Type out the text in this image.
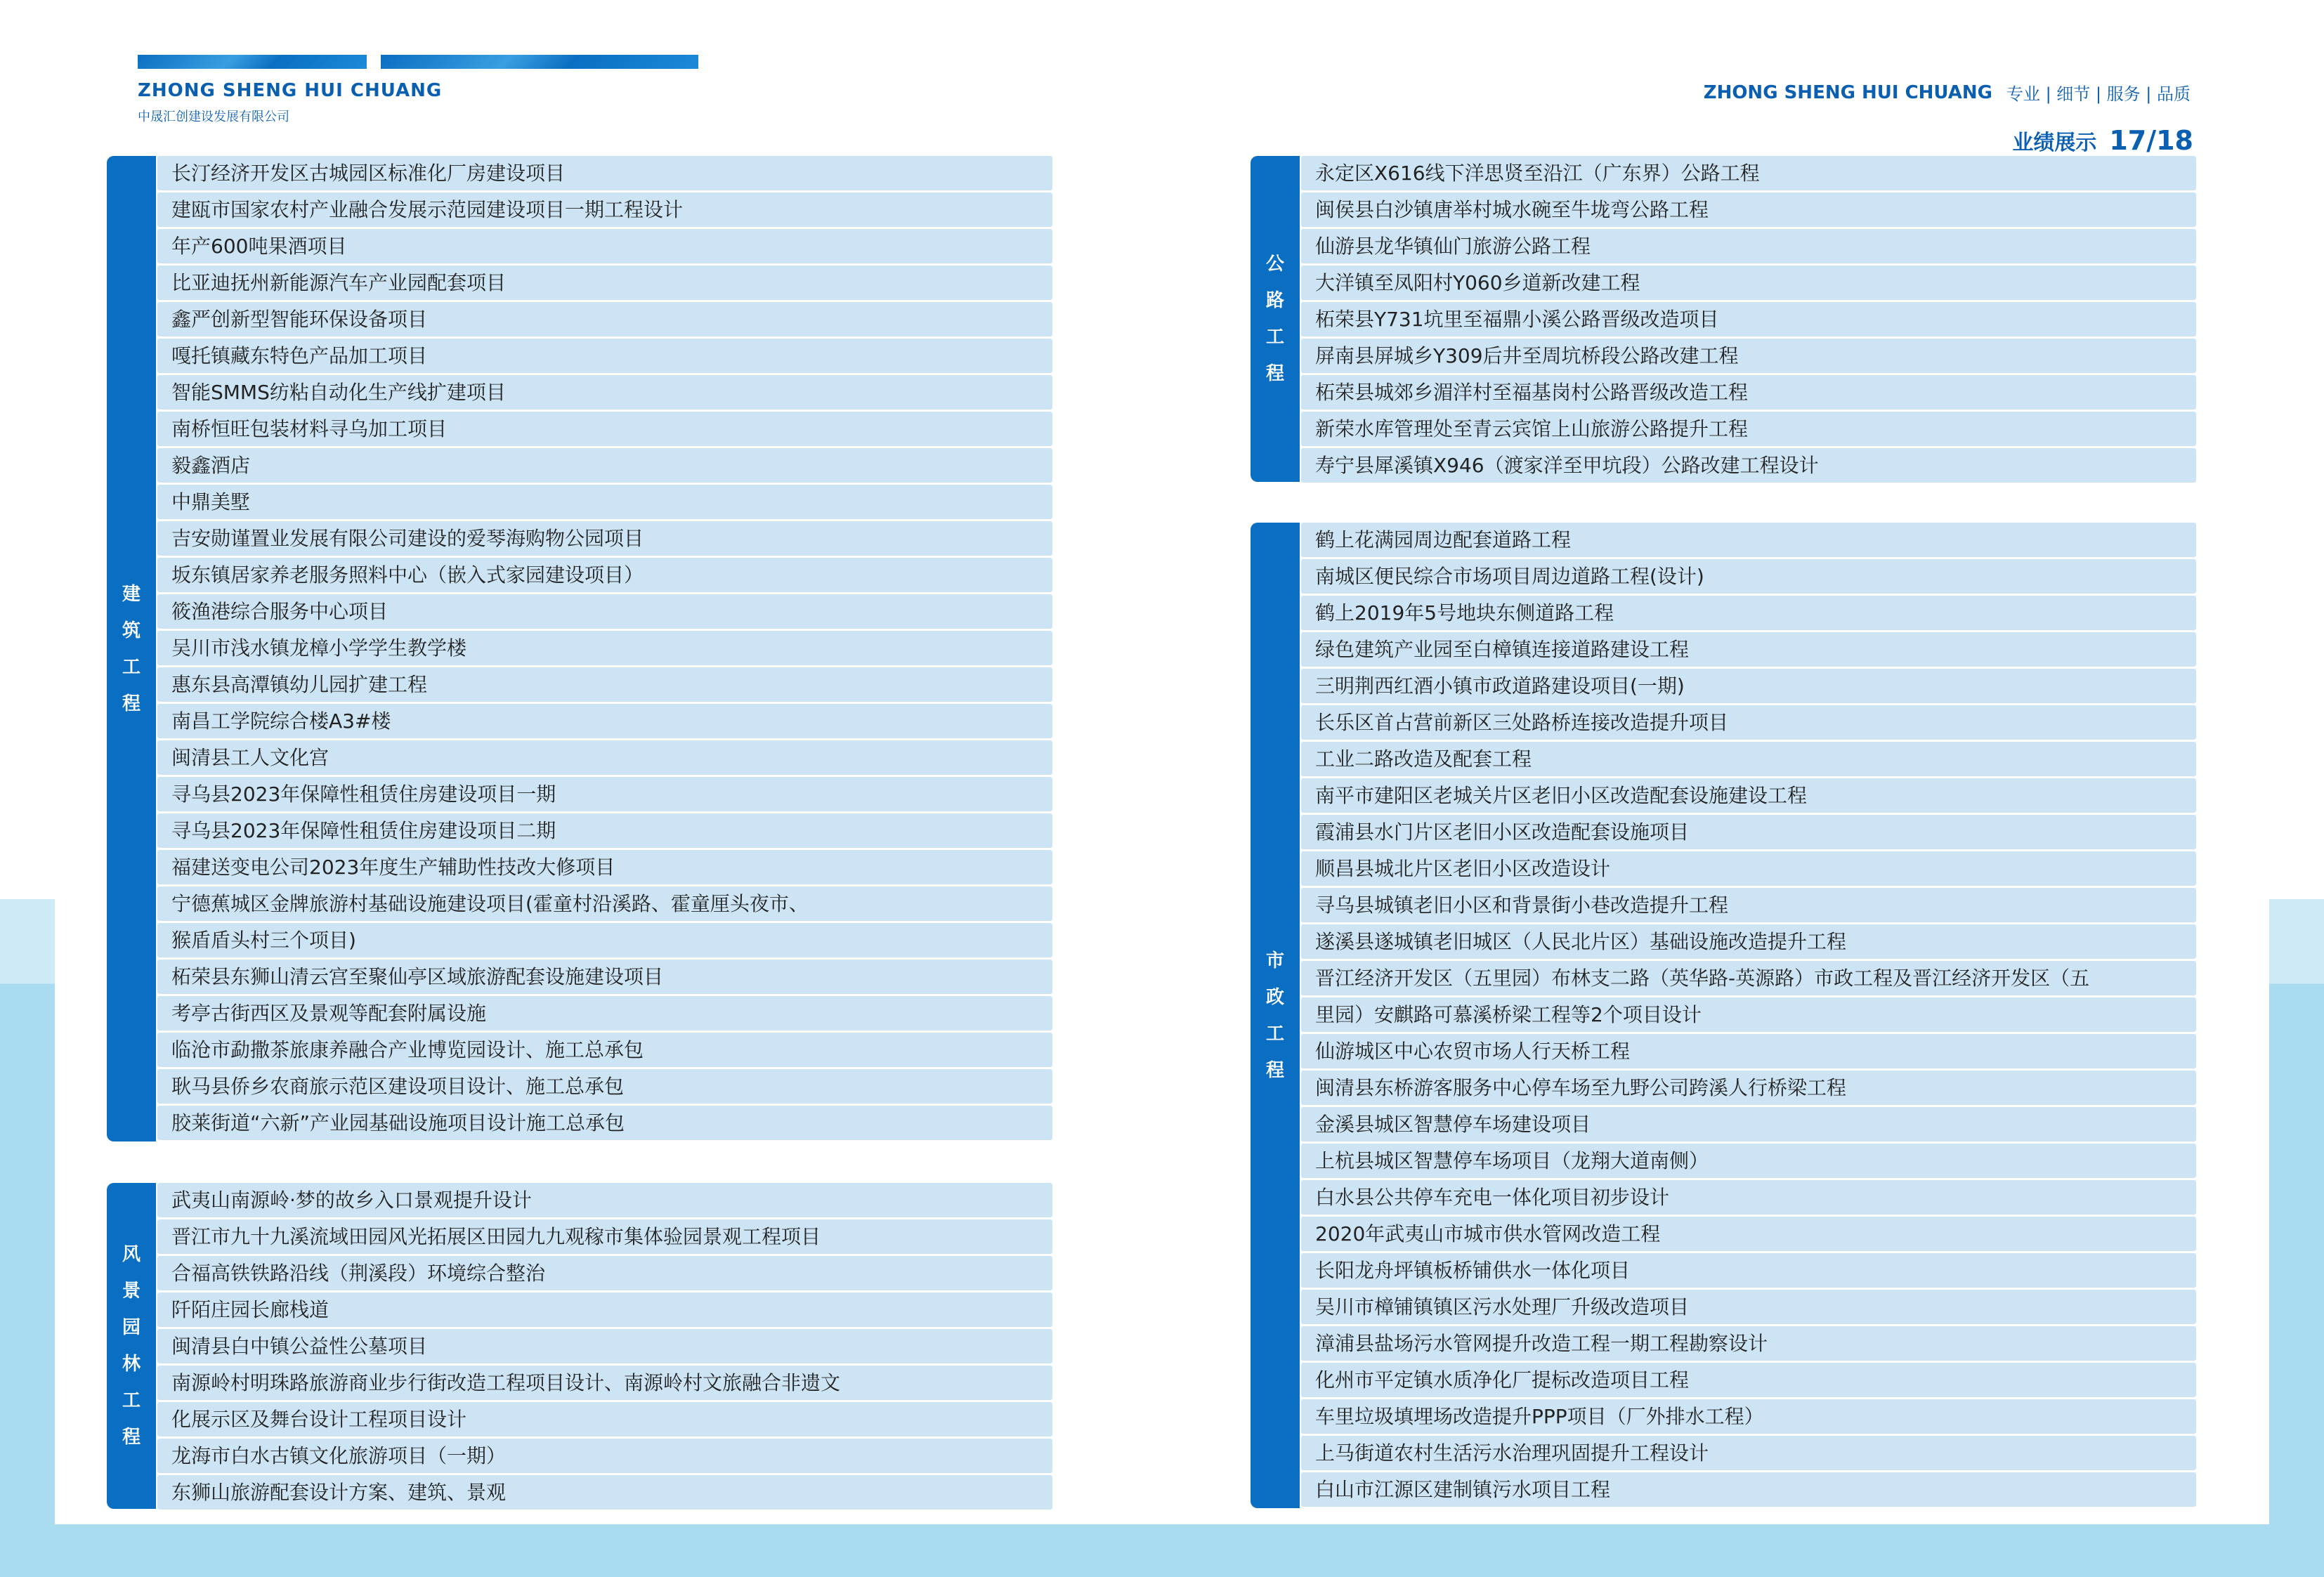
ZHONG SHENG HUI CHUANG
中晟汇创建设发展有限公司
ZHONG SHENG HUI CHUANG 专业 | 细节 | 服务 | 品质
业绩展示 17/18
建筑工程
长汀经济开发区古城园区标准化厂房建设项目
建瓯市国家农村产业融合发展示范园建设项目一期工程设计
年产600吨果酒项目
比亚迪抚州新能源汽车产业园配套项目
鑫严创新型智能环保设备项目
嘎托镇藏东特色产品加工项目
智能SMMS纺粘自动化生产线扩建项目
南桥恒旺包装材料寻乌加工项目
毅鑫酒店
中鼎美墅
吉安勋谨置业发展有限公司建设的爱琴海购物公园项目
坂东镇居家养老服务照料中心（嵌入式家园建设项目）
筱渔港综合服务中心项目
吴川市浅水镇龙樟小学学生教学楼
惠东县高潭镇幼儿园扩建工程
南昌工学院综合楼A3#楼
闽清县工人文化宫
寻乌县2023年保障性租赁住房建设项目一期
寻乌县2023年保障性租赁住房建设项目二期
福建送变电公司2023年度生产辅助性技改大修项目
宁德蕉城区金牌旅游村基础设施建设项目(霍童村沿溪路、霍童厘头夜市、
猴盾盾头村三个项目)
柘荣县东狮山清云宫至聚仙亭区域旅游配套设施建设项目
考亭古街西区及景观等配套附属设施
临沧市勐撒茶旅康养融合产业博览园设计、施工总承包
耿马县侨乡农商旅示范区建设项目设计、施工总承包
胶莱街道“六新”产业园基础设施项目设计施工总承包
风景园林工程
武夷山南源岭·梦的故乡入口景观提升设计
晋江市九十九溪流域田园风光拓展区田园九九观稼市集体验园景观工程项目
合福高铁铁路沿线（荆溪段）环境综合整治
阡陌庄园长廊栈道
闽清县白中镇公益性公墓项目
南源岭村明珠路旅游商业步行街改造工程项目设计、南源岭村文旅融合非遗文
化展示区及舞台设计工程项目设计
龙海市白水古镇文化旅游项目（一期）
东狮山旅游配套设计方案、建筑、景观
公路工程
永定区X616线下洋思贤至沿江（广东界）公路工程
闽侯县白沙镇唐举村城水碗至牛垅弯公路工程
仙游县龙华镇仙门旅游公路工程
大洋镇至凤阳村Y060乡道新改建工程
柘荣县Y731坑里至福鼎小溪公路晋级改造项目
屏南县屏城乡Y309后井至周坑桥段公路改建工程
柘荣县城郊乡湄洋村至福基岗村公路晋级改造工程
新荣水库管理处至青云宾馆上山旅游公路提升工程
寿宁县犀溪镇X946（渡家洋至甲坑段）公路改建工程设计
市政工程
鹤上花满园周边配套道路工程
南城区便民综合市场项目周边道路工程(设计)
鹤上2019年5号地块东侧道路工程
绿色建筑产业园至白樟镇连接道路建设工程
三明荆西红酒小镇市政道路建设项目(一期)
长乐区首占营前新区三处路桥连接改造提升项目
工业二路改造及配套工程
南平市建阳区老城关片区老旧小区改造配套设施建设工程
霞浦县水门片区老旧小区改造配套设施项目
顺昌县城北片区老旧小区改造设计
寻乌县城镇老旧小区和背景街小巷改造提升工程
遂溪县遂城镇老旧城区（人民北片区）基础设施改造提升工程
晋江经济开发区（五里园）布林支二路（英华路-英源路）市政工程及晋江经济开发区（五
里园）安麒路可慕溪桥梁工程等2个项目设计
仙游城区中心农贸市场人行天桥工程
闽清县东桥游客服务中心停车场至九野公司跨溪人行桥梁工程
金溪县城区智慧停车场建设项目
上杭县城区智慧停车场项目（龙翔大道南侧）
白水县公共停车充电一体化项目初步设计
2020年武夷山市城市供水管网改造工程
长阳龙舟坪镇板桥铺供水一体化项目
吴川市樟铺镇镇区污水处理厂升级改造项目
漳浦县盐场污水管网提升改造工程一期工程勘察设计
化州市平定镇水质净化厂提标改造项目工程
车里垃圾填埋场改造提升PPP项目（厂外排水工程）
上马街道农村生活污水治理巩固提升工程设计
白山市江源区建制镇污水项目工程
